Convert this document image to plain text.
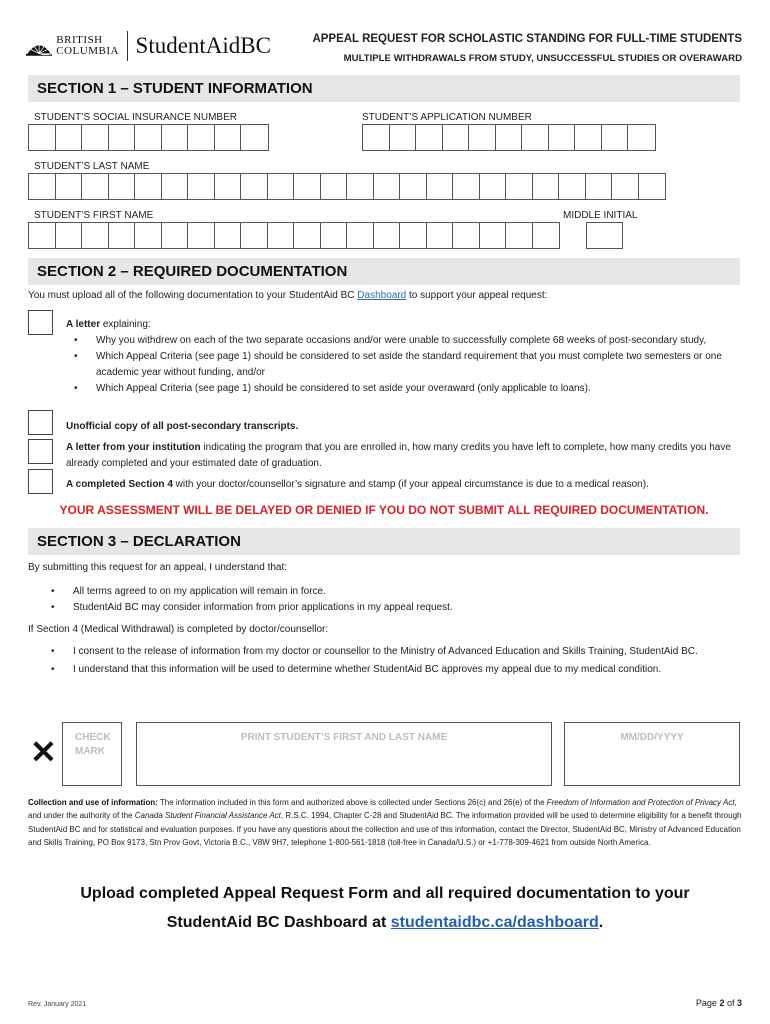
BRITISH
COLUMBIA StudentAidBC	APPEAL REQUEST FOR SCHOLASTIC STANDING FOR FULL-TIME STUDENTS
MULTIPLE WITHDRAWALS FROM STUDY, UNSUCCESSFUL STUDIES OR OVERAWARD
SECTION 1 – STUDENT INFORMATION
STUDENT’S SOCIAL INSURANCE NUMBER	STUDENT’S APPLICATION NUMBER
STUDENT’S LAST NAME
STUDENT’S FIRST NAME	MIDDLE INITIAL
SECTION 2 – REQUIRED DOCUMENTATION
You must upload all of the following documentation to your StudentAid BC Dashboard to support your appeal request:
A letter explaining:
• Why you withdrew on each of the two separate occasions and/or were unable to successfully complete 68 weeks of post-secondary study,
• Which Appeal Criteria (see page 1) should be considered to set aside the standard requirement that you must complete two semesters or one academic year without funding, and/or
• Which Appeal Criteria (see page 1) should be considered to set aside your overaward (only applicable to loans).
Unofficial copy of all post-secondary transcripts.
A letter from your institution indicating the program that you are enrolled in, how many credits you have left to complete, how many credits you have already completed and your estimated date of graduation.
A completed Section 4 with your doctor/counsellor’s signature and stamp (if your appeal circumstance is due to a medical reason).
YOUR ASSESSMENT WILL BE DELAYED OR DENIED IF YOU DO NOT SUBMIT ALL REQUIRED DOCUMENTATION.
SECTION 3 – DECLARATION
By submitting this request for an appeal, I understand that:
• All terms agreed to on my application will remain in force.
• StudentAid BC may consider information from prior applications in my appeal request.
If Section 4 (Medical Withdrawal) is completed by doctor/counsellor:
• I consent to the release of information from my doctor or counsellor to the Ministry of Advanced Education and Skills Training, StudentAid BC.
• I understand that this information will be used to determine whether StudentAid BC approves my appeal due to my medical condition.
✕ CHECK
MARK
PRINT STUDENT’S FIRST AND LAST NAME	MM/DD/YYYY
Collection and use of information: The information included in this form and authorized above is collected under Sections 26(c) and 26(e) of the Freedom of Information and Protection of Privacy Act, and under the authority of the Canada Student Financial Assistance Act, R.S.C. 1994, Chapter C-28 and StudentAid BC. The information provided will be used to determine eligibility for a benefit through StudentAid BC and for statistical and evaluation purposes. If you have any questions about the collection and use of this information, contact the Director, StudentAid BC, Ministry of Advanced Education and Skills Training, PO Box 9173, Stn Prov Govt, Victoria B.C., V8W 9H7, telephone 1-800-561-1818 (toll-free in Canada/U.S.) or +1-778-309-4621 from outside North America.
Upload completed Appeal Request Form and all required documentation to your
StudentAid BC Dashboard at studentaidbc.ca/dashboard.
Rev. January 2021	Page 2 of 3
